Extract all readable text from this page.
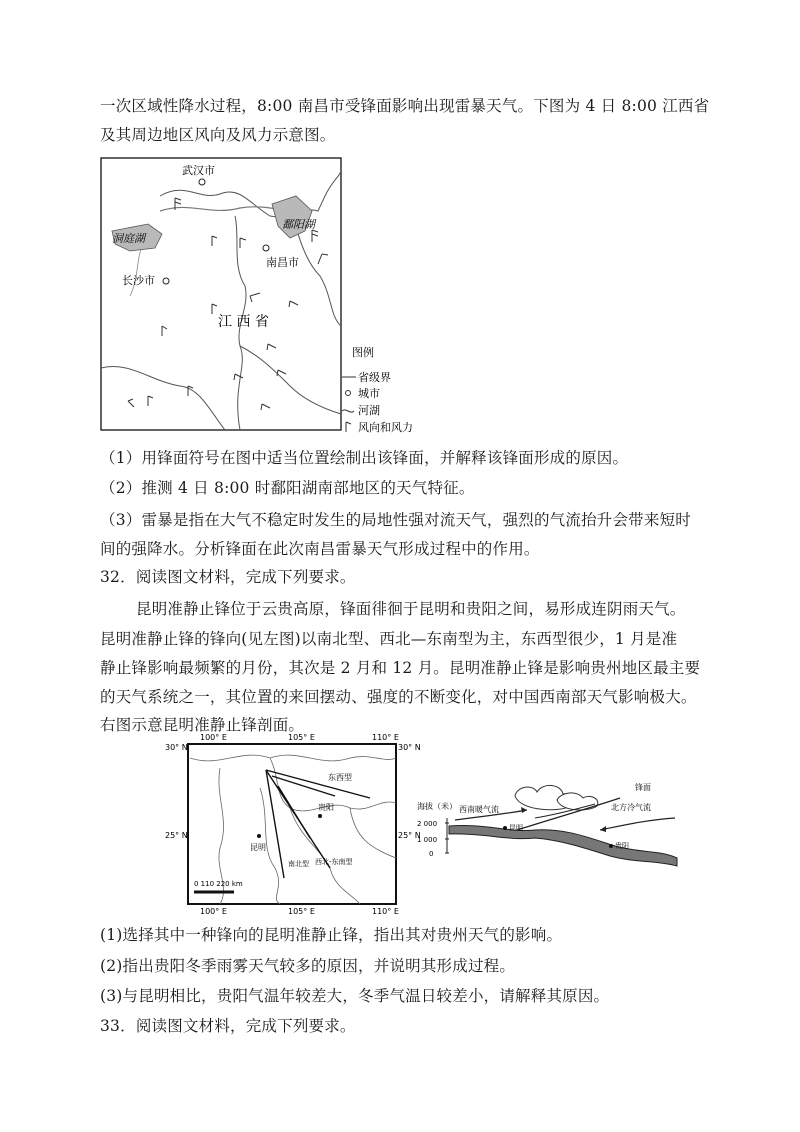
一次区域性降水过程，8:00 南昌市受锋面影响出现雷暴天气。下图为 4 日 8:00 江西省
及其周边地区风向及风力示意图。
武汉市
洞庭湖
鄱阳湖
南昌市
长沙市
江 西 省
图例
省级界
城市
河湖
风向和风力
（1）用锋面符号在图中适当位置绘制出该锋面，并解释该锋面形成的原因。
（2）推测 4 日 8:00 时鄱阳湖南部地区的天气特征。
（3）雷暴是指在大气不稳定时发生的局地性强对流天气，强烈的气流抬升会带来短时
间的强降水。分析锋面在此次南昌雷暴天气形成过程中的作用。
32．阅读图文材料，完成下列要求。
昆明准静止锋位于云贵高原，锋面徘徊于昆明和贵阳之间，易形成连阴雨天气。
昆明准静止锋的锋向(见左图)以南北型、西北—东南型为主，东西型很少，1 月是准
静止锋影响最频繁的月份，其次是 2 月和 12 月。昆明准静止锋是影响贵州地区最主要
的天气系统之一，其位置的来回摆动、强度的不断变化，对中国西南部天气影响极大。
右图示意昆明准静止锋剖面。
100° E	105° E	110° E
30° N	30° N
25° N	25° N
100° E	105° E	110° E
昆明
贵阳
东西型
南北型 西北-东南型
0 110 220 km
海拔（米）
2 000
1 000
0
西南暖气流	北方冷气流
锋面
昆明
贵阳
(1)选择其中一种锋向的昆明准静止锋，指出其对贵州天气的影响。
(2)指出贵阳冬季雨雾天气较多的原因，并说明其形成过程。
(3)与昆明相比，贵阳气温年较差大，冬季气温日较差小，请解释其原因。
33．阅读图文材料，完成下列要求。
